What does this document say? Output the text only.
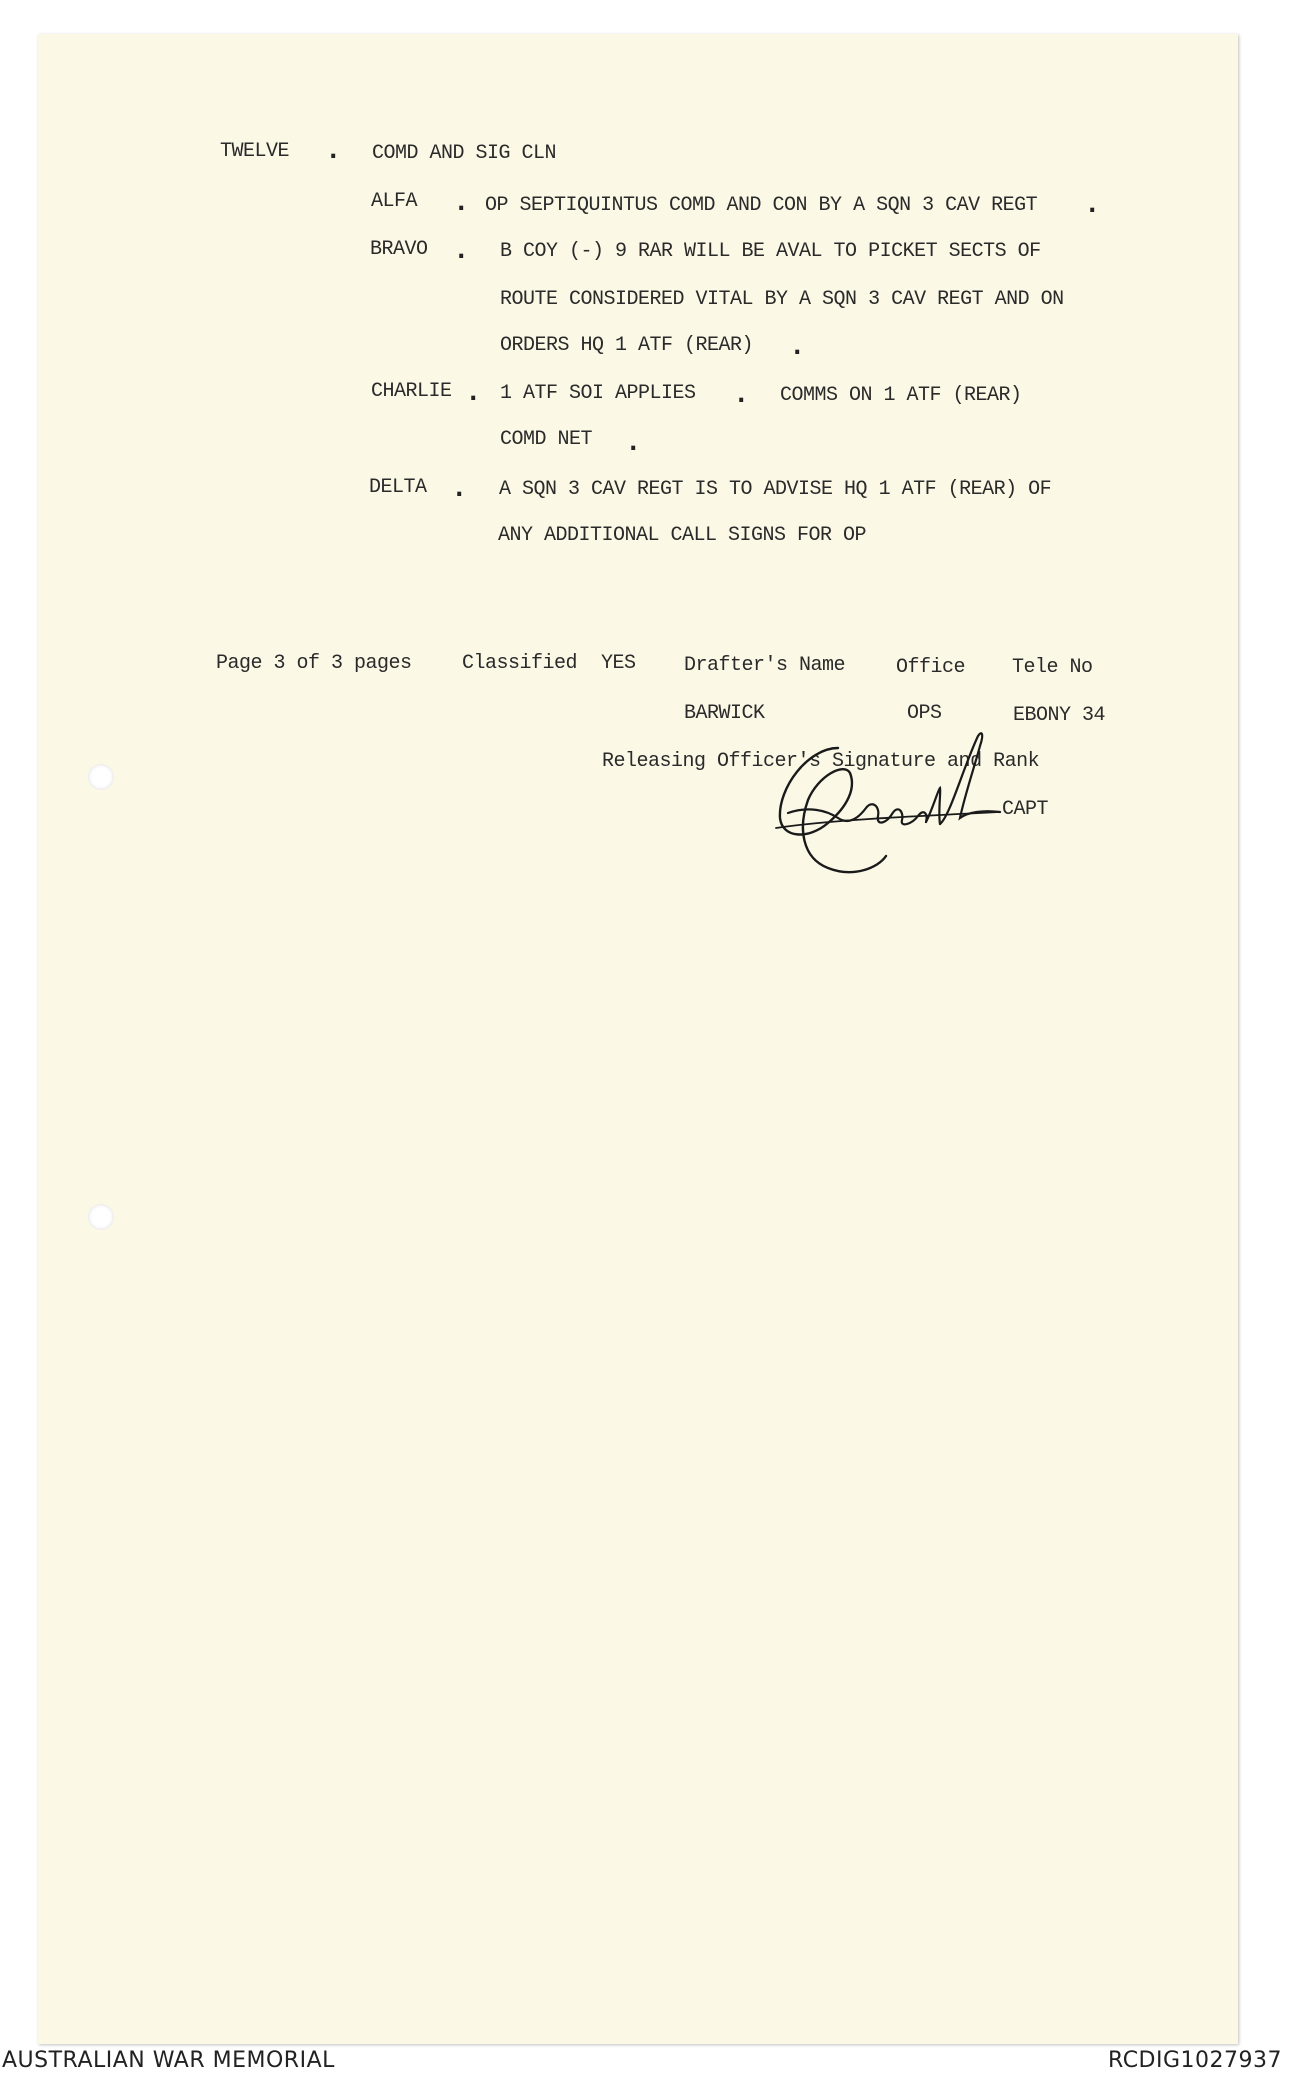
TWELVE . COMD AND SIG CLN
ALFA . OP SEPTIQUINTUS COMD AND CON BY A SQN 3 CAV REGT .
BRAVO . B COY (-) 9 RAR WILL BE AVAL TO PICKET SECTS OF
ROUTE CONSIDERED VITAL BY A SQN 3 CAV REGT AND ON
ORDERS HQ 1 ATF (REAR) .
CHARLIE . 1 ATF SOI APPLIES . COMMS ON 1 ATF (REAR)
COMD NET .
DELTA . A SQN 3 CAV REGT IS TO ADVISE HQ 1 ATF (REAR) OF
ANY ADDITIONAL CALL SIGNS FOR OP
Page 3 of 3 pages	Classified YES Drafter's Name	Office Tele No
BARWICK	OPS	EBONY 34
Releasing Officer's Signature and Rank
CAPT
AUSTRALIAN WAR MEMORIAL	RCDIG1027937
